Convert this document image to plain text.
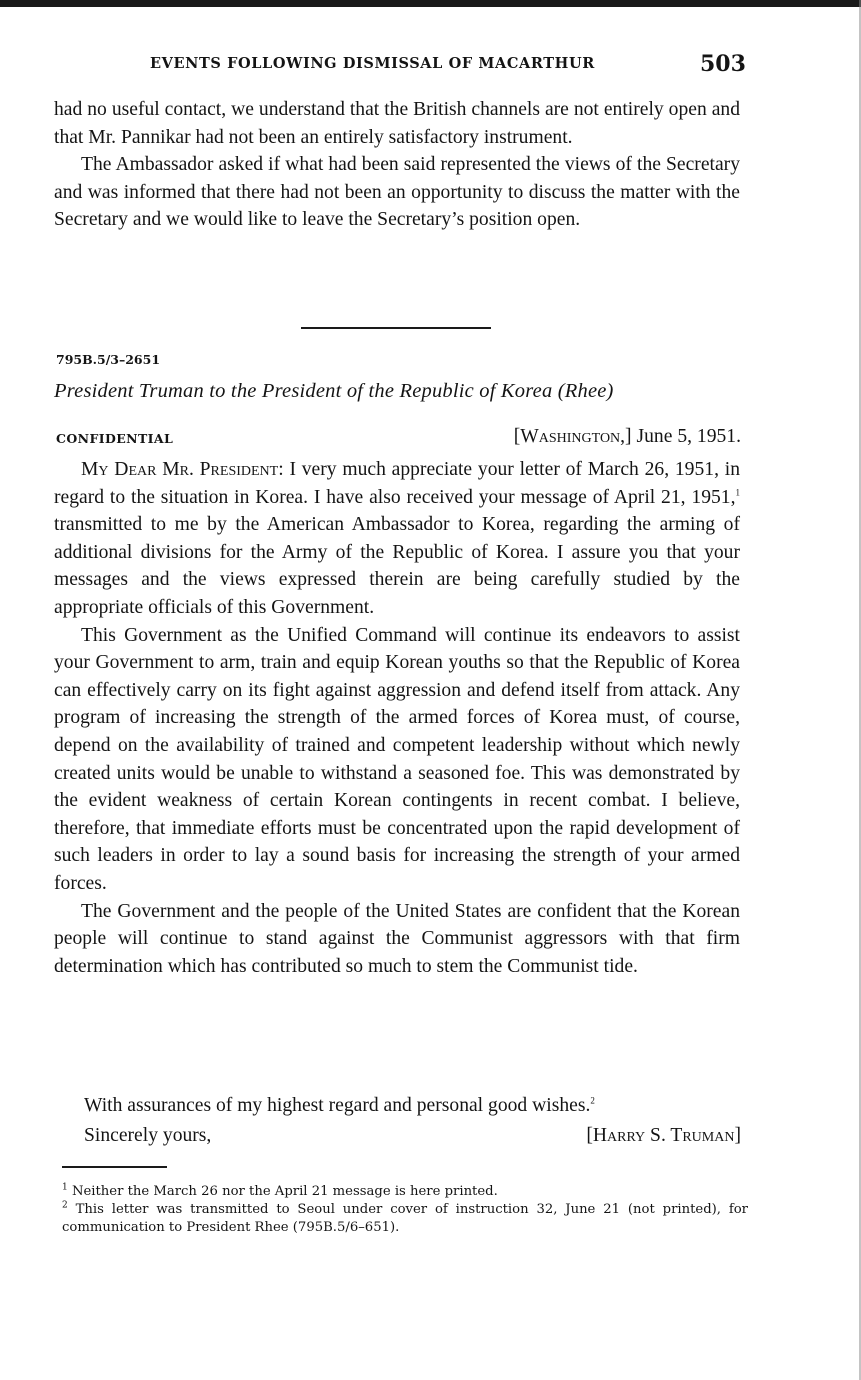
EVENTS FOLLOWING DISMISSAL OF MACARTHUR	503

had no useful contact, we understand that the British channels are not entirely open and that Mr. Pannikar had not been an entirely satisfactory instrument.

The Ambassador asked if what had been said represented the views of the Secretary and was informed that there had not been an opportunity to discuss the matter with the Secretary and we would like to leave the Secretary’s position open.

795B.5/3–2651
President Truman to the President of the Republic of Korea (Rhee)
CONFIDENTIAL	[Washington,] June 5, 1951.

My Dear Mr. President: I very much appreciate your letter of March 26, 1951, in regard to the situation in Korea. I have also received your message of April 21, 1951,$^1$ transmitted to me by the American Ambassador to Korea, regarding the arming of additional divisions for the Army of the Republic of Korea. I assure you that your messages and the views expressed therein are being carefully studied by the appropriate officials of this Government.

This Government as the Unified Command will continue its endeavors to assist your Government to arm, train and equip Korean youths so that the Republic of Korea can effectively carry on its fight against aggression and defend itself from attack. Any program of increasing the strength of the armed forces of Korea must, of course, depend on the availability of trained and competent leadership without which newly created units would be unable to withstand a seasoned foe. This was demonstrated by the evident weakness of certain Korean contingents in recent combat. I believe, therefore, that immediate efforts must be concentrated upon the rapid development of such leaders in order to lay a sound basis for increasing the strength of your armed forces.

The Government and the people of the United States are confident that the Korean people will continue to stand against the Communist aggressors with that firm determination which has contributed so much to stem the Communist tide.

With assurances of my highest regard and personal good wishes.$^2$
Sincerely yours,	[Harry S. Truman]

$^1$ Neither the March 26 nor the April 21 message is here printed.

$^2$ This letter was transmitted to Seoul under cover of instruction 32, June 21 (not printed), for communication to President Rhee (795B.5/6–651).
